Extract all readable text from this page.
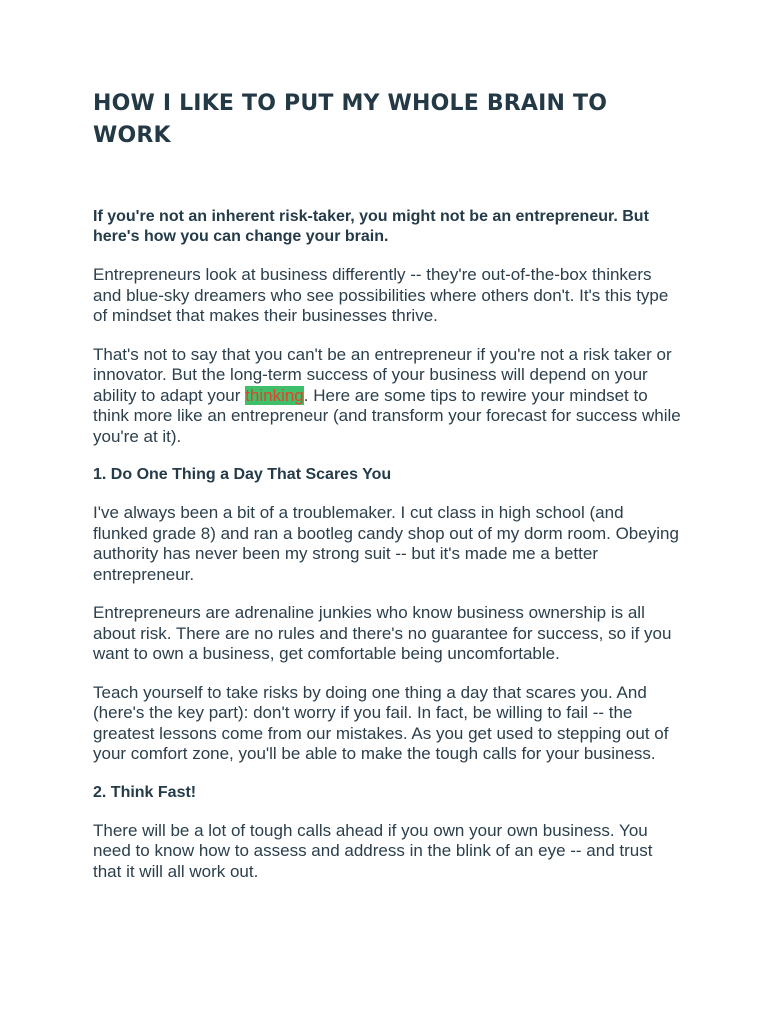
HOW I LIKE TO PUT MY WHOLE BRAIN TO WORK

If you're not an inherent risk-taker, you might not be an entrepreneur. But here's how you can change your brain.

Entrepreneurs look at business differently -- they're out-of-the-box thinkers and blue-sky dreamers who see possibilities where others don't. It's this type of mindset that makes their businesses thrive.

That's not to say that you can't be an entrepreneur if you're not a risk taker or innovator. But the long-term success of your business will depend on your ability to adapt your thinking. Here are some tips to rewire your mindset to think more like an entrepreneur (and transform your forecast for success while you're at it).

1. Do One Thing a Day That Scares You

I've always been a bit of a troublemaker. I cut class in high school (and flunked grade 8) and ran a bootleg candy shop out of my dorm room. Obeying authority has never been my strong suit -- but it's made me a better entrepreneur.

Entrepreneurs are adrenaline junkies who know business ownership is all about risk. There are no rules and there's no guarantee for success, so if you want to own a business, get comfortable being uncomfortable.

Teach yourself to take risks by doing one thing a day that scares you. And (here's the key part): don't worry if you fail. In fact, be willing to fail -- the greatest lessons come from our mistakes. As you get used to stepping out of your comfort zone, you'll be able to make the tough calls for your business.

2. Think Fast!

There will be a lot of tough calls ahead if you own your own business. You need to know how to assess and address in the blink of an eye -- and trust that it will all work out.
